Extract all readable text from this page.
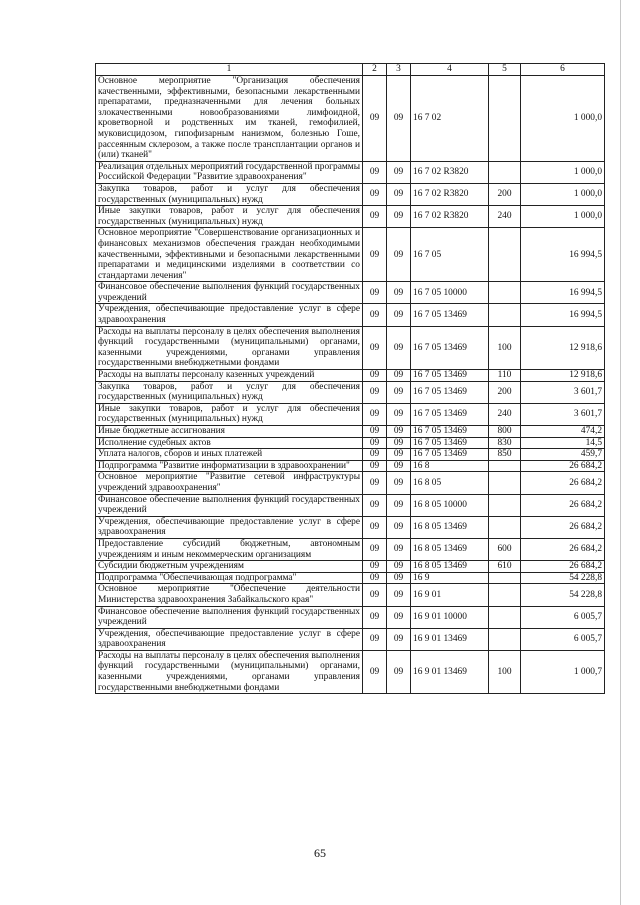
1	2	3	4	5	6
Основное мероприятие "Организация обеспечения качественными, эффективными, безопасными лекарственными препаратами, предназначенными для лечения больных злокачественными новообразованиями лимфоидной, кроветворной и родственных им тканей, гемофилией, муковисцидозом, гипофизарным нанизмом, болезнью Гоше, рассеянным склерозом, а также после трансплантации органов и (или) тканей"	09	09	16 7 02		1 000,0
Реализация отдельных мероприятий государственной программы Российской Федерации "Развитие здравоохранения"	09	09	16 7 02 R3820		1 000,0
Закупка товаров, работ и услуг для обеспечения государственных (муниципальных) нужд	09	09	16 7 02 R3820	200	1 000,0
Иные закупки товаров, работ и услуг для обеспечения государственных (муниципальных) нужд	09	09	16 7 02 R3820	240	1 000,0
Основное мероприятие "Совершенствование организационных и финансовых механизмов обеспечения граждан необходимыми качественными, эффективными и безопасными лекарственными препаратами и медицинскими изделиями в соответствии со стандартами лечения"	09	09	16 7 05		16 994,5
Финансовое обеспечение выполнения функций государственных учреждений	09	09	16 7 05 10000		16 994,5
Учреждения, обеспечивающие предоставление услуг в сфере здравоохранения	09	09	16 7 05 13469		16 994,5
Расходы на выплаты персоналу в целях обеспечения выполнения функций государственными (муниципальными) органами, казенными учреждениями, органами управления государственными внебюджетными фондами	09	09	16 7 05 13469	100	12 918,6
Расходы на выплаты персоналу казенных учреждений	09	09	16 7 05 13469	110	12 918,6
Закупка товаров, работ и услуг для обеспечения государственных (муниципальных) нужд	09	09	16 7 05 13469	200	3 601,7
Иные закупки товаров, работ и услуг для обеспечения государственных (муниципальных) нужд	09	09	16 7 05 13469	240	3 601,7
Иные бюджетные ассигнования	09	09	16 7 05 13469	800	474,2
Исполнение судебных актов	09	09	16 7 05 13469	830	14,5
Уплата налогов, сборов и иных платежей	09	09	16 7 05 13469	850	459,7
Подпрограмма "Развитие информатизации в здравоохранении"	09	09	16 8		26 684,2
Основное мероприятие "Развитие сетевой инфраструктуры учреждений здравоохранения"	09	09	16 8 05		26 684,2
Финансовое обеспечение выполнения функций государственных учреждений	09	09	16 8 05 10000		26 684,2
Учреждения, обеспечивающие предоставление услуг в сфере здравоохранения	09	09	16 8 05 13469		26 684,2
Предоставление субсидий бюджетным, автономным учреждениям и иным некоммерческим организациям	09	09	16 8 05 13469	600	26 684,2
Субсидии бюджетным учреждениям	09	09	16 8 05 13469	610	26 684,2
Подпрограмма "Обеспечивающая подпрограмма"	09	09	16 9		54 228,8
Основное мероприятие "Обеспечение деятельности Министерства здравоохранения Забайкальского края"	09	09	16 9 01		54 228,8
Финансовое обеспечение выполнения функций государственных учреждений	09	09	16 9 01 10000		6 005,7
Учреждения, обеспечивающие предоставление услуг в сфере здравоохранения	09	09	16 9 01 13469		6 005,7
Расходы на выплаты персоналу в целях обеспечения выполнения функций государственными (муниципальными) органами, казенными учреждениями, органами управления государственными внебюджетными фондами	09	09	16 9 01 13469	100	1 000,7
65
